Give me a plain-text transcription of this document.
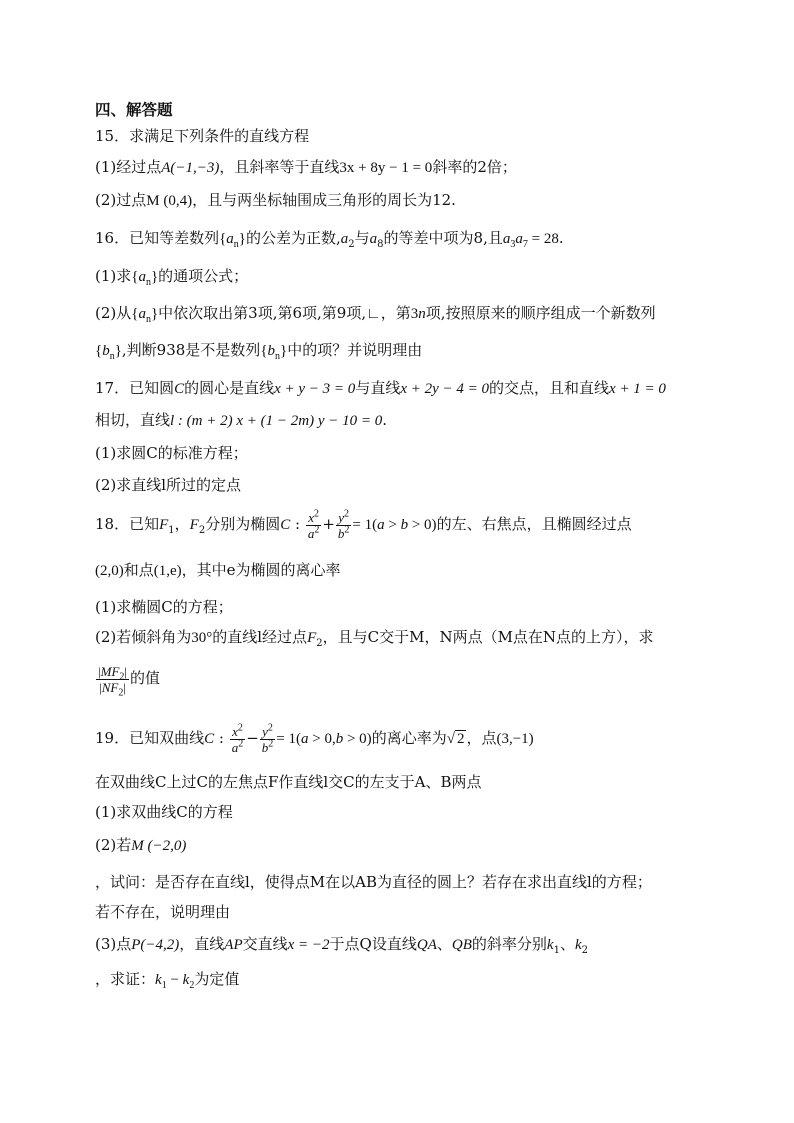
四、解答题
15．求满足下列条件的直线方程
(1)经过点A(−1,−3)，且斜率等于直线3x + 8y − 1 = 0斜率的2倍；
(2)过点M (0,4)，且与两坐标轴围成三角形的周长为12.
16．已知等差数列$\{a_n\}$的公差为正数$,a_2$与$a_8$的等差中项为8,且$a_3a_7 = 28$.
(1)求$\{a_n\}$的通项公式；
(2)从$\{a_n\}$中依次取出第3项,第6项,第9项,∟，第3n项,按照原来的顺序组成一个新数列
$\{b_n\}$,判断938是不是数列$\{b_n\}$中的项？并说明理由
17．已知圆C的圆心是直线x + y − 3 = 0与直线x + 2y − 4 = 0的交点，且和直线x + 1 = 0
相切，直线l : (m + 2) x + (1 − 2m) y − 10 = 0.
(1)求圆C的标准方程；
(2)求直线l所过的定点
18．已知$F_1$，$F_2$分别为椭圆C : $\frac{x^2}{a^2} + \frac{y^2}{b^2} = 1(a > b > 0)$的左、右焦点，且椭圆经过点
(2,0)和点(1,e)，其中e为椭圆的离心率
(1)求椭圆C的方程；
(2)若倾斜角为30°的直线l经过点$F_2$，且与C交于M，N两点（M点在N点的上方），求
$\frac{|MF_2|}{|NF_2|}$ 的值
19．已知双曲线C : $\frac{x^2}{a^2} - \frac{y^2}{b^2} = 1(a > 0,b > 0)$的离心率为√ 2 ，点(3,−1)
在双曲线C上过C的左焦点F作直线l交C的左支于A、B两点
(1)求双曲线C的方程
(2)若M (−2,0)
，试问：是否存在直线l，使得点M在以AB为直径的圆上？若存在求出直线l的方程；
若不存在，说明理由
(3)点P(−4,2)，直线AP交直线x = −2于点Q设直线QA、QB的斜率分别$k_1$、$k_2$
，求证：$k_1 - k_2$为定值
